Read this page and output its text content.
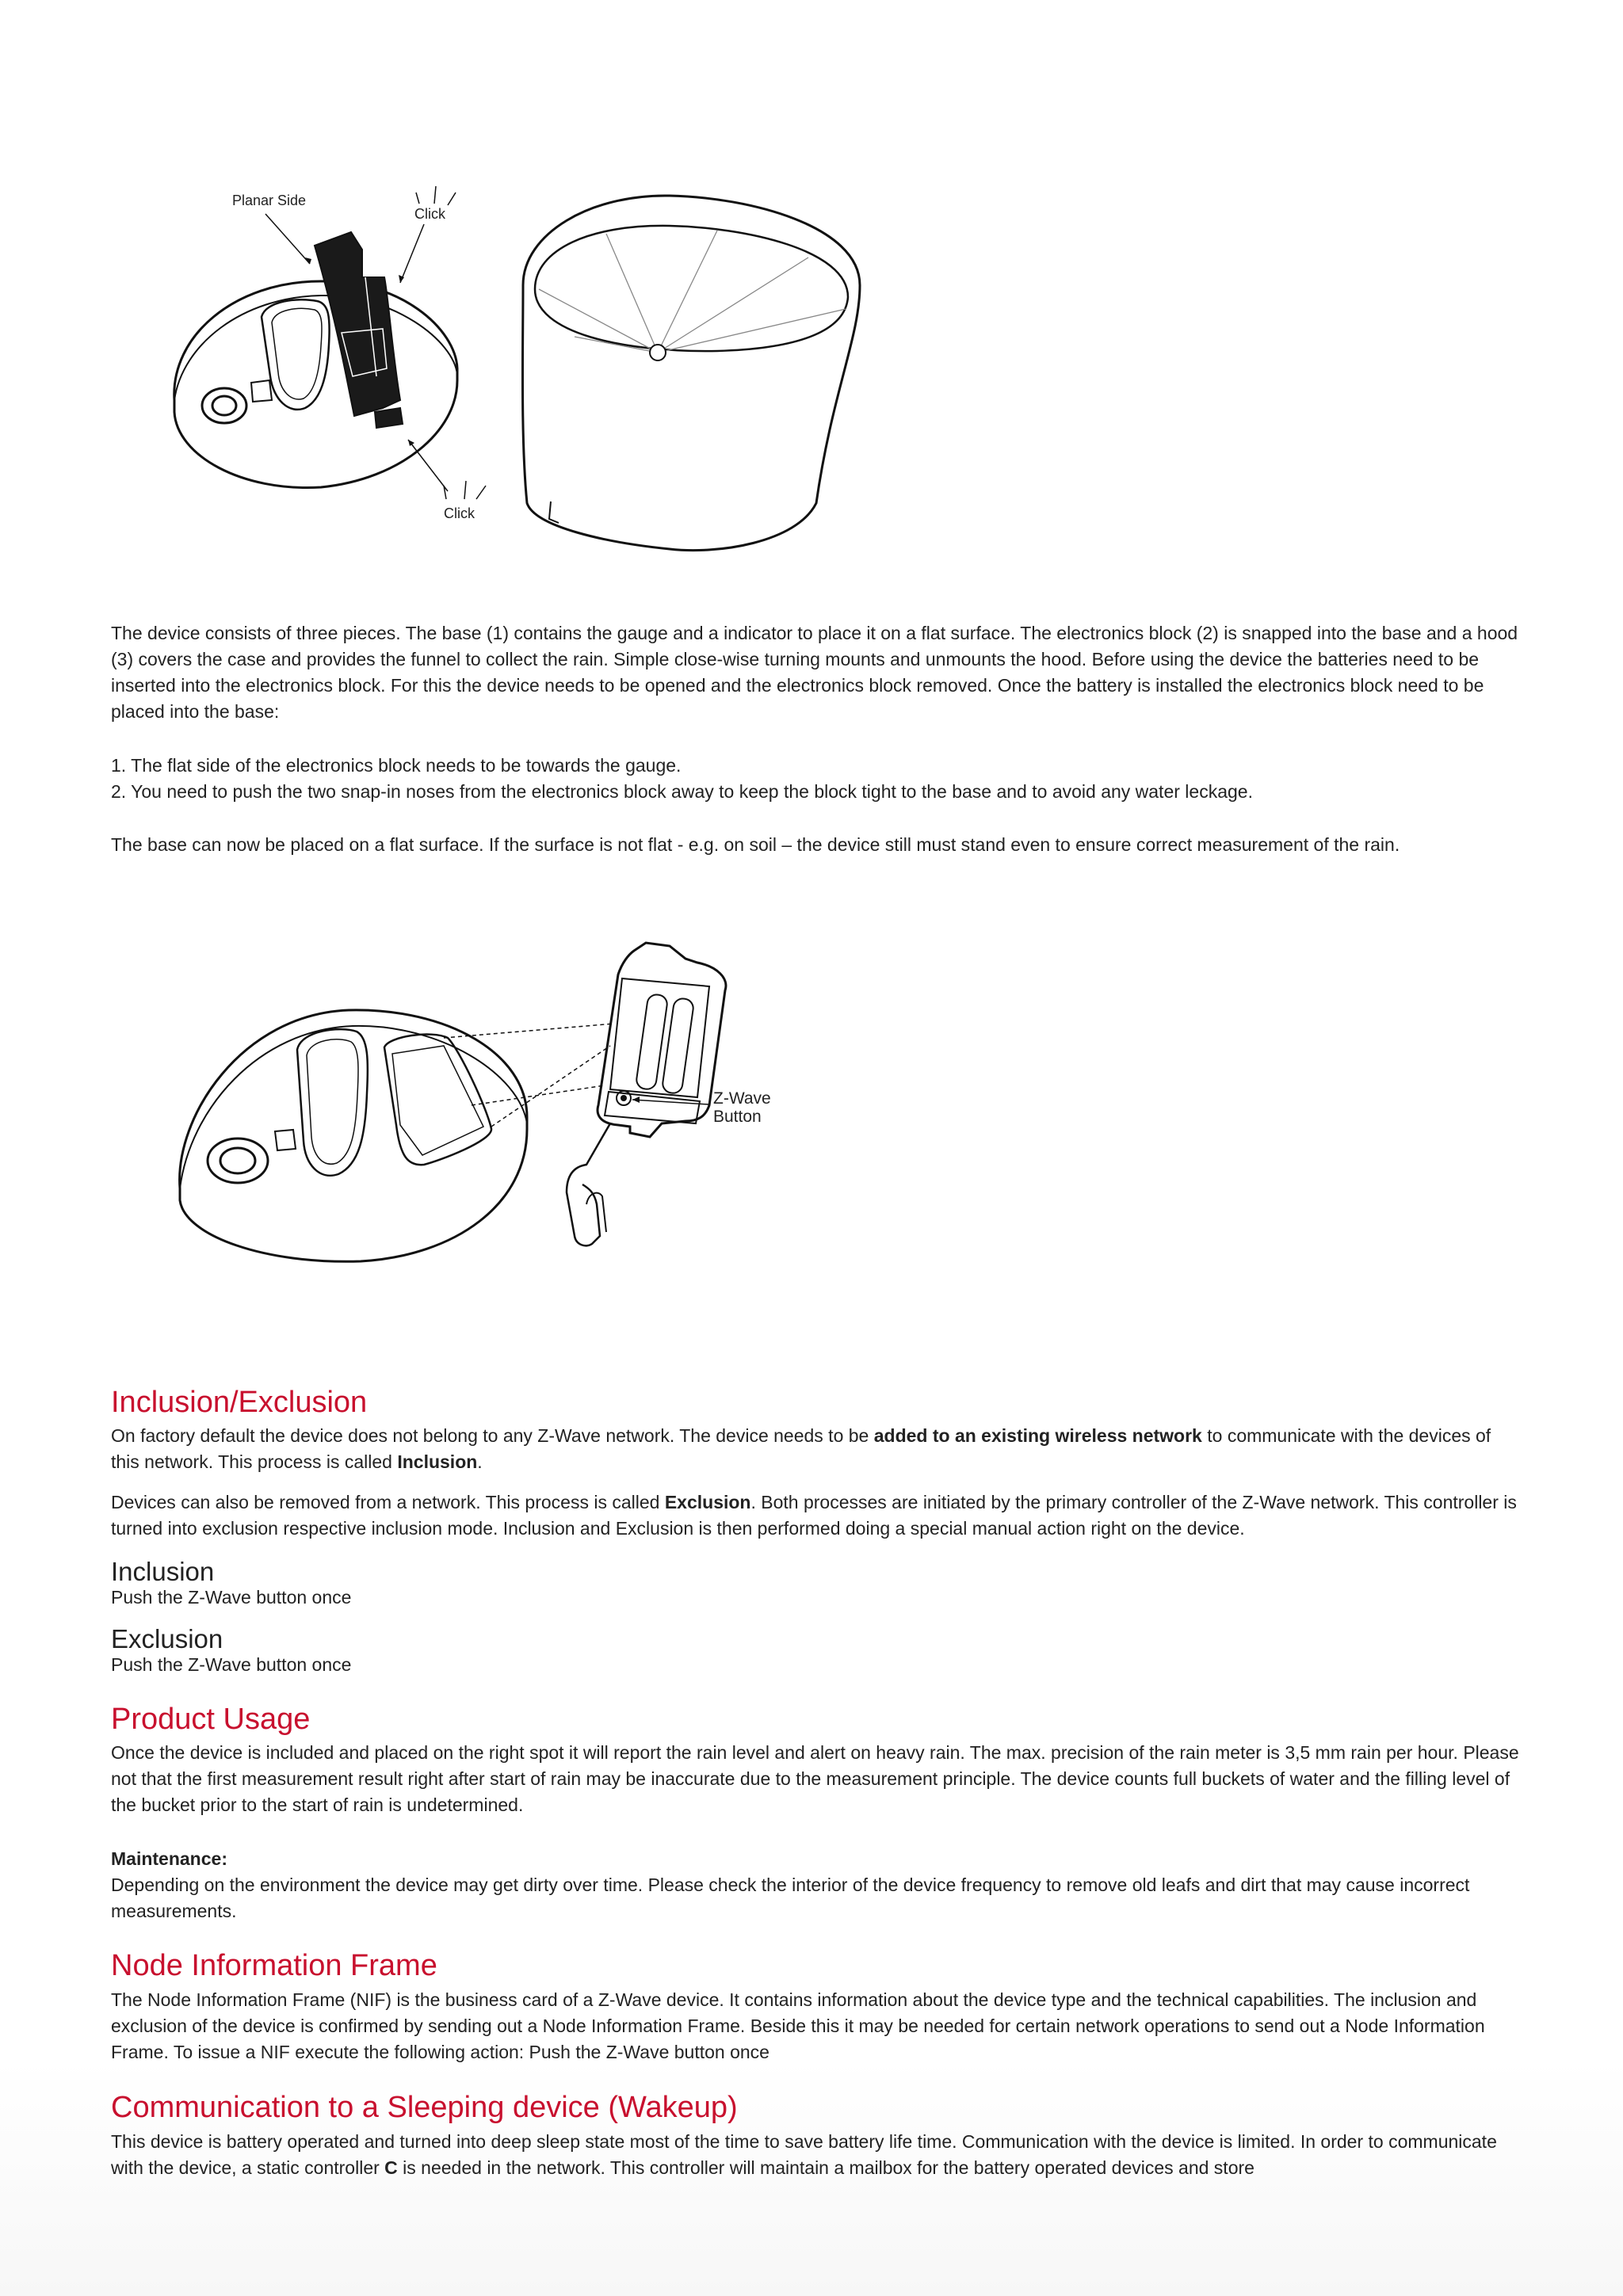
Planar Side
Click
Click

The device consists of three pieces. The base (1) contains the gauge and a indicator to place it on a flat surface. The electronics block (2) is snapped into the base and a hood (3) covers the case and provides the funnel to collect the rain. Simple close-wise turning mounts and unmounts the hood. Before using the device the batteries need to be inserted into the electronics block. For this the device needs to be opened and the electronics block removed. Once the battery is installed the electronics block need to be placed into the base:

1. The flat side of the electronics block needs to be towards the gauge.

2. You need to push the two snap-in noses from the electronics block away to keep the block tight to the base and to avoid any water leckage.

The base can now be placed on a flat surface. If the surface is not flat - e.g. on soil – the device still must stand even to ensure correct measurement of the rain.

Z-Wave
Button
Inclusion/Exclusion

On factory default the device does not belong to any Z-Wave network. The device needs to be added to an existing wireless network to communicate with the devices of this network. This process is called Inclusion.

Devices can also be removed from a network. This process is called Exclusion. Both processes are initiated by the primary controller of the Z-Wave network. This controller is turned into exclusion respective inclusion mode. Inclusion and Exclusion is then performed doing a special manual action right on the device.

Inclusion
Push the Z-Wave button once
Exclusion
Push the Z-Wave button once
Product Usage
Once the device is included and placed on the right spot it will report the rain level and alert on heavy rain. The max. precision of the rain meter is 3,5 mm rain per hour. Please not that the first measurement result right after start of rain may be inaccurate due to the measurement principle. The device counts full buckets of water and the filling level of the bucket prior to the start of rain is undetermined.

Maintenance:

Depending on the environment the device may get dirty over time. Please check the interior of the device frequency to remove old leafs and dirt that may cause incorrect measurements.

Node Information Frame
The Node Information Frame (NIF) is the business card of a Z-Wave device. It contains information about the device type and the technical capabilities. The inclusion and exclusion of the device is confirmed by sending out a Node Information Frame. Beside this it may be needed for certain network operations to send out a Node Information Frame. To issue a NIF execute the following action: Push the Z-Wave button once
Communication to a Sleeping device (Wakeup)

This device is battery operated and turned into deep sleep state most of the time to save battery life time. Communication with the device is limited. In order to communicate with the device, a static controller C is needed in the network. This controller will maintain a mailbox for the battery operated devices and store
